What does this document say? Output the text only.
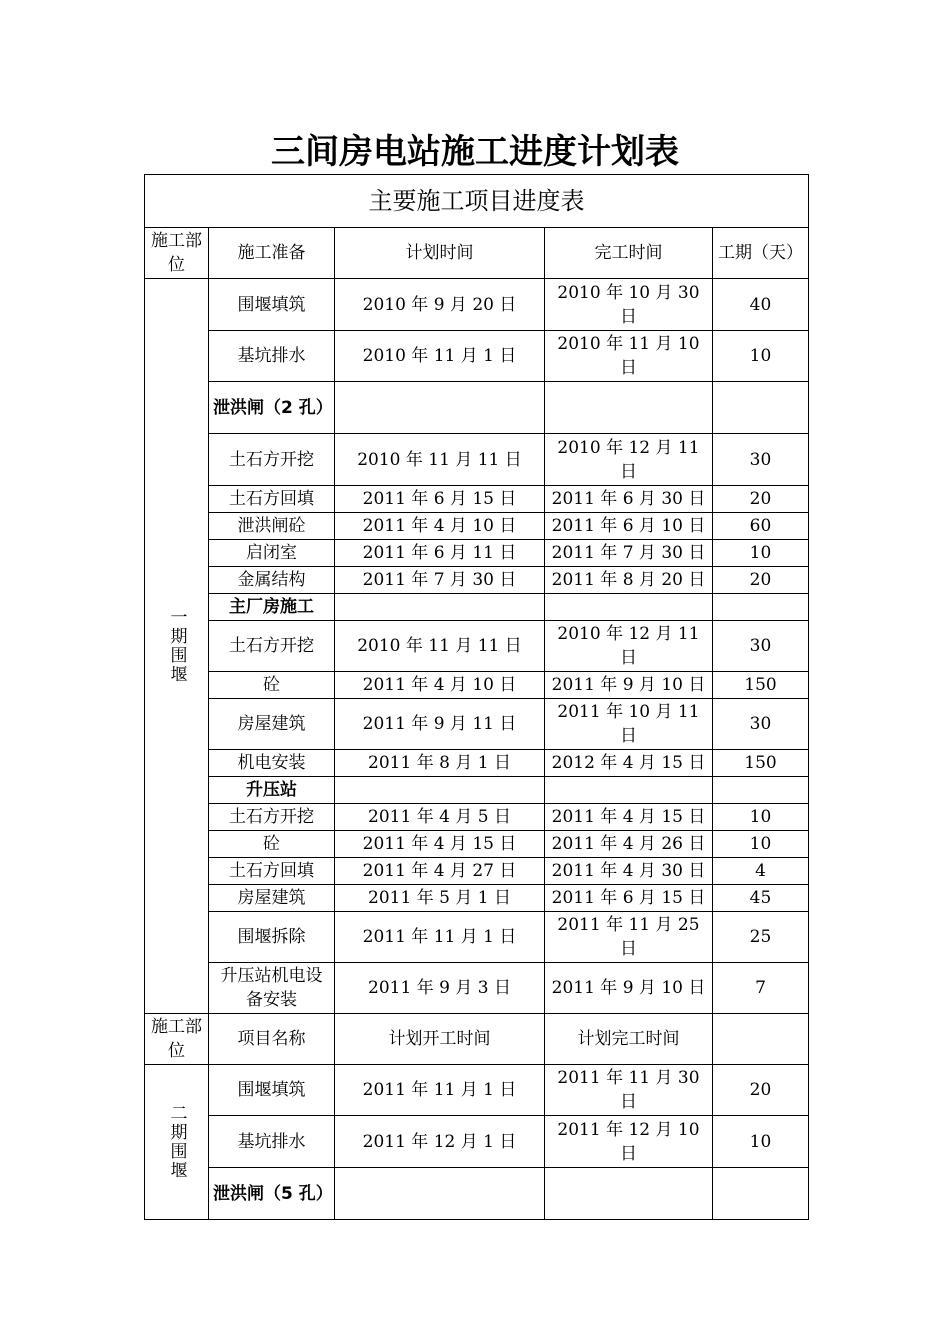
三间房电站施工进度计划表
主要施工项目进度表				
施工部位	施工准备	计划时间	完工时间	工期（天）
一期围堰	围堰填筑	2010 年 9 月 20 日	2010 年 10 月 30 日	40
	基坑排水	2010 年 11 月 1 日	2010 年 11 月 10 日	10
	泄洪闸（2 孔）			
	土石方开挖	2010 年 11 月 11 日	2010 年 12 月 11 日	30
	土石方回填	2011 年 6 月 15 日	2011 年 6 月 30 日	20
	泄洪闸砼	2011 年 4 月 10 日	2011 年 6 月 10 日	60
	启闭室	2011 年 6 月 11 日	2011 年 7 月 30 日	10
	金属结构	2011 年 7 月 30 日	2011 年 8 月 20 日	20
	主厂房施工			
	土石方开挖	2010 年 11 月 11 日	2010 年 12 月 11 日	30
	砼	2011 年 4 月 10 日	2011 年 9 月 10 日	150
	房屋建筑	2011 年 9 月 11 日	2011 年 10 月 11 日	30
	机电安装	2011 年 8 月 1 日	2012 年 4 月 15 日	150
	升压站			
	土石方开挖	2011 年 4 月 5 日	2011 年 4 月 15 日	10
	砼	2011 年 4 月 15 日	2011 年 4 月 26 日	10
	土石方回填	2011 年 4 月 27 日	2011 年 4 月 30 日	4
	房屋建筑	2011 年 5 月 1 日	2011 年 6 月 15 日	45
	围堰拆除	2011 年 11 月 1 日	2011 年 11 月 25 日	25
	升压站机电设备安装	2011 年 9 月 3 日	2011 年 9 月 10 日	7
施工部位	项目名称	计划开工时间	计划完工时间	
二期围堰	围堰填筑	2011 年 11 月 1 日	2011 年 11 月 30 日	20
	基坑排水	2011 年 12 月 1 日	2011 年 12 月 10 日	10
	泄洪闸（5 孔）			
